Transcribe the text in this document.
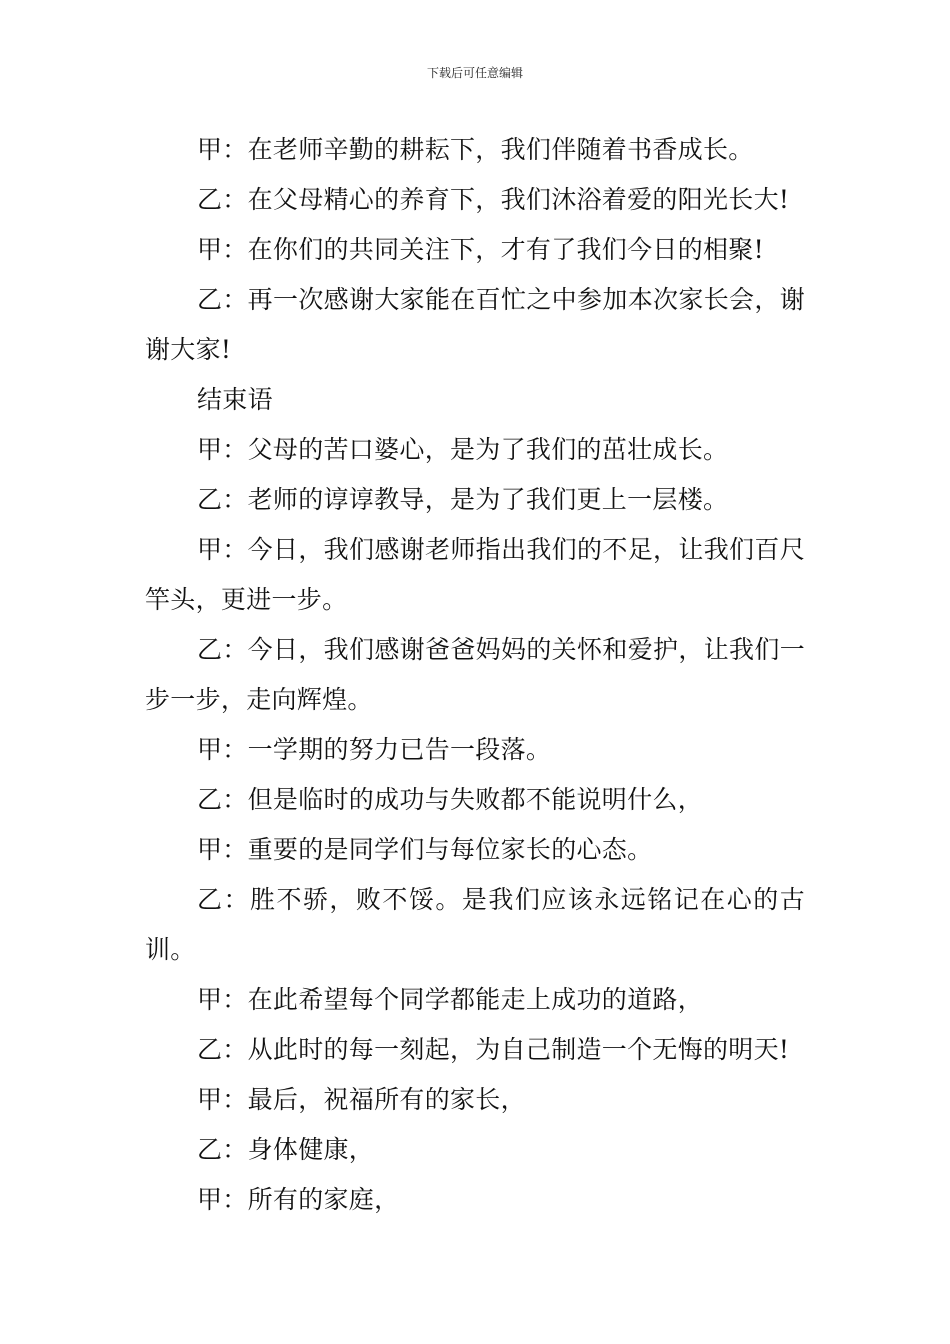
下载后可任意编辑

甲：在老师辛勤的耕耘下，我们伴随着书香成长。

乙：在父母精心的养育下，我们沐浴着爱的阳光长大!

甲：在你们的共同关注下，才有了我们今日的相聚!

乙：再一次感谢大家能在百忙之中参加本次家长会，谢谢大家!

结束语

甲：父母的苦口婆心，是为了我们的茁壮成长。

乙：老师的谆谆教导，是为了我们更上一层楼。

甲：今日，我们感谢老师指出我们的不足，让我们百尺竿头，更进一步。

乙：今日，我们感谢爸爸妈妈的关怀和爱护，让我们一步一步，走向辉煌。

甲：一学期的努力已告一段落。

乙：但是临时的成功与失败都不能说明什么，

甲：重要的是同学们与每位家长的心态。

乙：胜不骄，败不馁。是我们应该永远铭记在心的古训。

甲：在此希望每个同学都能走上成功的道路，

乙：从此时的每一刻起，为自己制造一个无悔的明天!

甲：最后，祝福所有的家长，

乙：身体健康，

甲：所有的家庭，
